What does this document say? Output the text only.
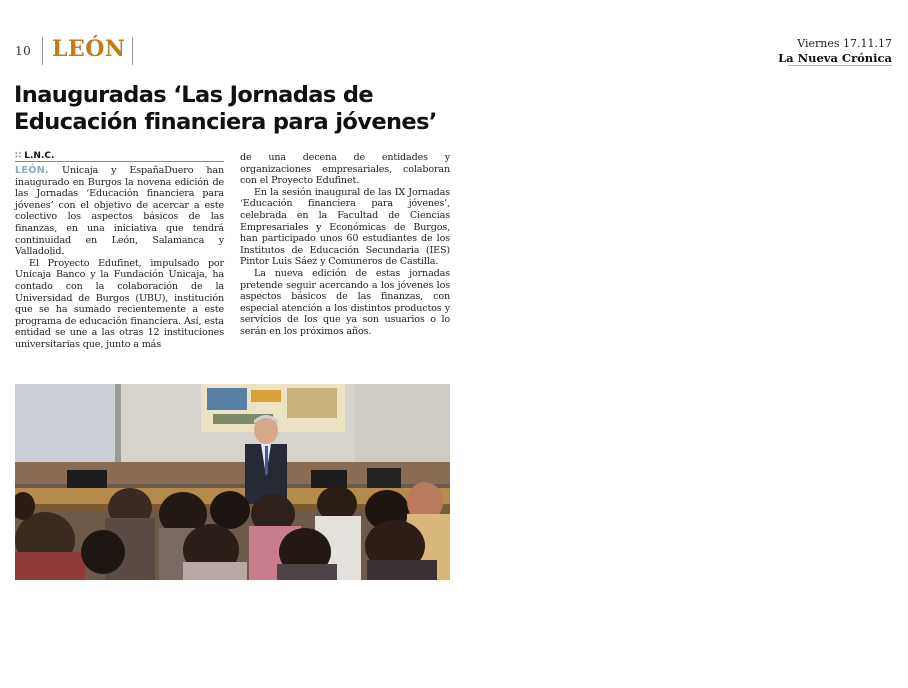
10 LEÓN	Viernes 17.11.17
La Nueva Crónica
Inauguradas ‘Las Jornadas de
Educación financiera para jóvenes’
∷ L.N.C.

LEÓN. Unicaja y EspañaDuero han inaugurado en Burgos la novena edición de las Jornadas ‘Educación financiera para jóvenes’ con el objetivo de acercar a este colectivo los aspectos básicos de las finanzas, en una iniciativa que tendrá continuidad en León, Salamanca y Valladolid.

El Proyecto Edufinet, impulsado por Unicaja Banco y la Fundación Unicaja, ha contado con la colaboración de la Universidad de Burgos (UBU), institución que se ha sumado recientemente a este programa de educación financiera. Así, esta entidad se une a las otras 12 instituciones universitarias que, junto a más

de una decena de entidades y organizaciones empresariales, colaboran con el Proyecto Edufinet.

En la sesión inaugural de las IX Jornadas ‘Educación financiera para jóvenes’, celebrada en la Facultad de Ciencias Empresariales y Económicas de Burgos, han participado unos 60 estudiantes de los Institutos de Educación Secundaria (IES) Pintor Luis Sáez y Comuneros de Castilla.

La nueva edición de estas jornadas pretende seguir acercando a los jóvenes los aspectos básicos de las finanzas, con especial atención a los distintos productos y servicios de los que ya son usuarios o lo serán en los próximos años.
